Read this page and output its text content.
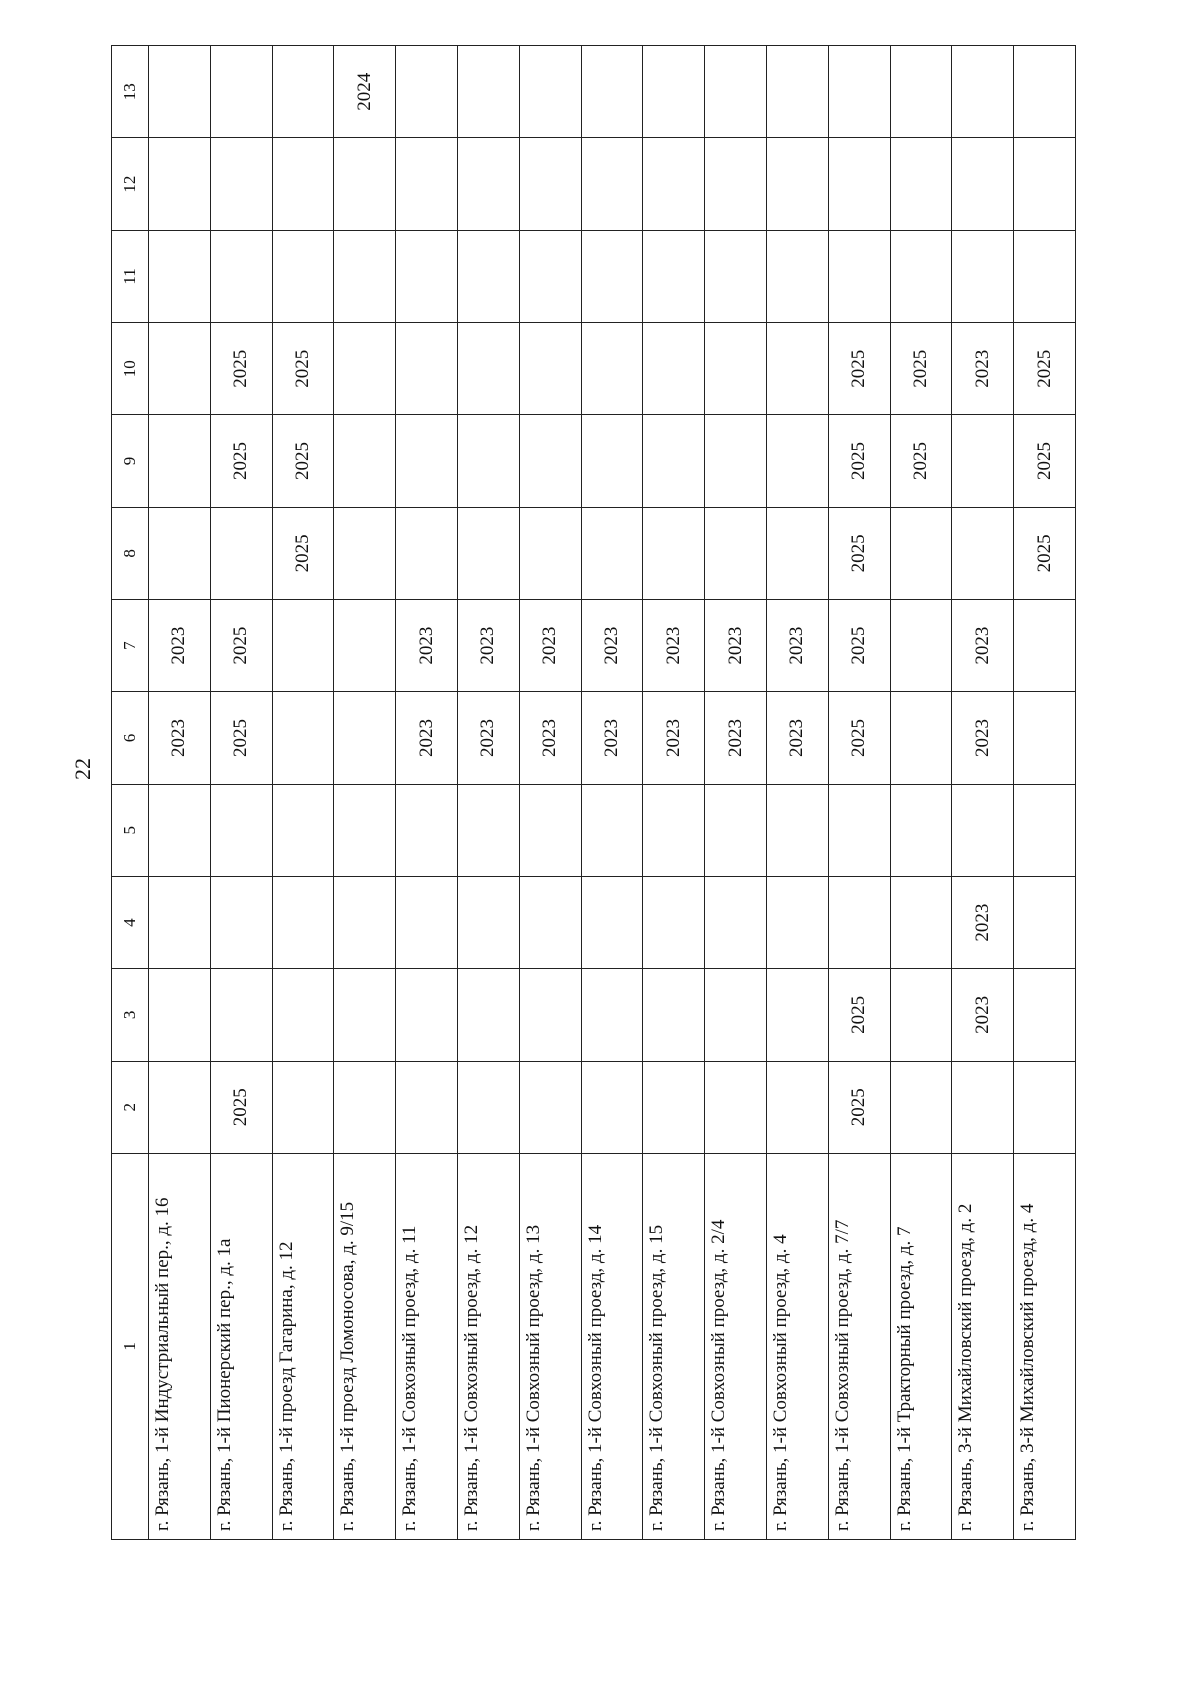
22
1	2	3	4	5	6	7	8	9	10	11	12	13
г. Рязань, 1-й Индустриальный пер., д. 16					2023	2023						
г. Рязань, 1-й Пионерский пер., д. 1а	2025				2025	2025		2025	2025			
г. Рязань, 1-й проезд Гагарина, д. 12							2025	2025	2025			
г. Рязань, 1-й проезд Ломоносова, д. 9/15												2024
г. Рязань, 1-й Совхозный проезд, д. 11					2023	2023						
г. Рязань, 1-й Совхозный проезд, д. 12					2023	2023						
г. Рязань, 1-й Совхозный проезд, д. 13					2023	2023						
г. Рязань, 1-й Совхозный проезд, д. 14					2023	2023						
г. Рязань, 1-й Совхозный проезд, д. 15					2023	2023						
г. Рязань, 1-й Совхозный проезд, д. 2/4					2023	2023						
г. Рязань, 1-й Совхозный проезд, д. 4					2023	2023						
г. Рязань, 1-й Совхозный проезд, д. 7/7	2025	2025			2025	2025	2025	2025	2025			
г. Рязань, 1-й Тракторный проезд, д. 7								2025	2025			
г. Рязань, 3-й Михайловский проезд, д. 2		2023	2023		2023	2023			2023			
г. Рязань, 3-й Михайловский проезд, д. 4							2025	2025	2025			
